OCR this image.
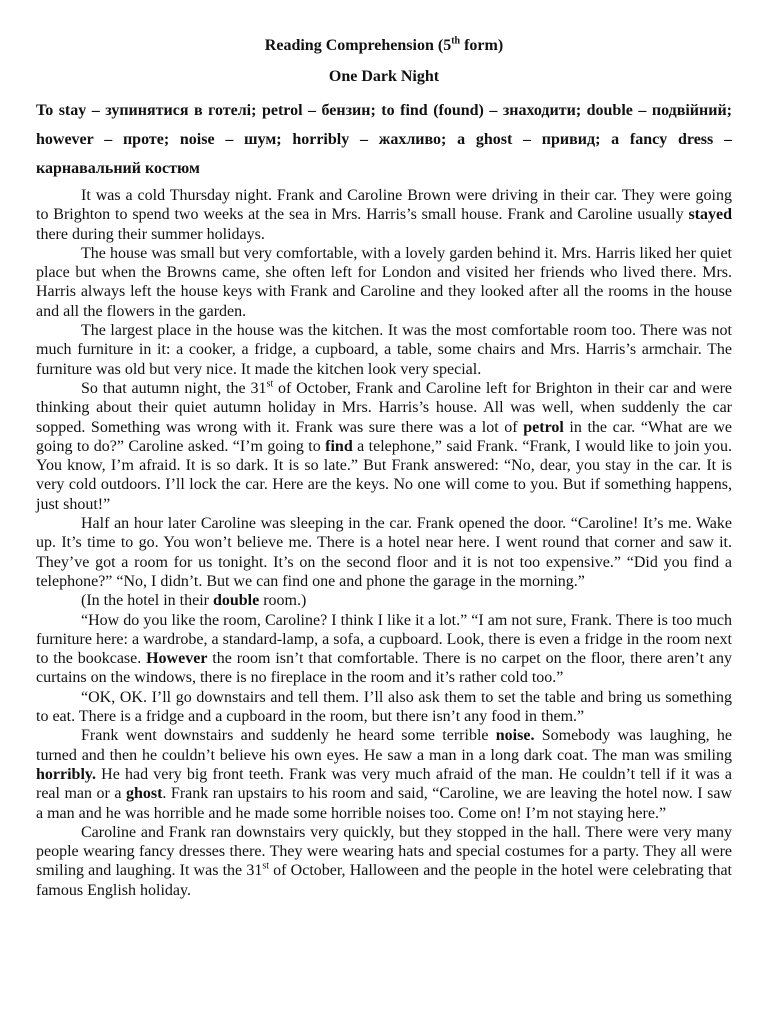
Reading Comprehension (5th form)
One Dark Night
To stay – зупинятися в готелі; petrol – бензин; to find (found) – знаходити; double – подвійний; however – проте; noise – шум; horribly – жахливо; a ghost – привид; a fancy dress – карнавальний костюм

It was a cold Thursday night. Frank and Caroline Brown were driving in their car. They were going to Brighton to spend two weeks at the sea in Mrs. Harris’s small house. Frank and Caroline usually stayed there during their summer holidays.

The house was small but very comfortable, with a lovely garden behind it. Mrs. Harris liked her quiet place but when the Browns came, she often left for London and visited her friends who lived there. Mrs. Harris always left the house keys with Frank and Caroline and they looked after all the rooms in the house and all the flowers in the garden.

The largest place in the house was the kitchen. It was the most comfortable room too. There was not much furniture in it: a cooker, a fridge, a cupboard, a table, some chairs and Mrs. Harris’s armchair. The furniture was old but very nice. It made the kitchen look very special.

So that autumn night, the 31st of October, Frank and Caroline left for Brighton in their car and were thinking about their quiet autumn holiday in Mrs. Harris’s house. All was well, when suddenly the car sopped. Something was wrong with it. Frank was sure there was a lot of petrol in the car. “What are we going to do?” Caroline asked. “I’m going to find a telephone,” said Frank. “Frank, I would like to join you. You know, I’m afraid. It is so dark. It is so late.” But Frank answered: “No, dear, you stay in the car. It is very cold outdoors. I’ll lock the car. Here are the keys. No one will come to you. But if something happens, just shout!”

Half an hour later Caroline was sleeping in the car. Frank opened the door. “Caroline! It’s me. Wake up. It’s time to go. You won’t believe me. There is a hotel near here. I went round that corner and saw it. They’ve got a room for us tonight. It’s on the second floor and it is not too expensive.” “Did you find a telephone?” “No, I didn’t. But we can find one and phone the garage in the morning.”

(In the hotel in their double room.)

“How do you like the room, Caroline? I think I like it a lot.” “I am not sure, Frank. There is too much furniture here: a wardrobe, a standard-lamp, a sofa, a cupboard. Look, there is even a fridge in the room next to the bookcase. However the room isn’t that comfortable. There is no carpet on the floor, there aren’t any curtains on the windows, there is no fireplace in the room and it’s rather cold too.”

“OK, OK. I’ll go downstairs and tell them. I’ll also ask them to set the table and bring us something to eat. There is a fridge and a cupboard in the room, but there isn’t any food in them.”

Frank went downstairs and suddenly he heard some terrible noise. Somebody was laughing, he turned and then he couldn’t believe his own eyes. He saw a man in a long dark coat. The man was smiling horribly. He had very big front teeth. Frank was very much afraid of the man. He couldn’t tell if it was a real man or a ghost. Frank ran upstairs to his room and said, “Caroline, we are leaving the hotel now. I saw a man and he was horrible and he made some horrible noises too. Come on! I’m not staying here.”

Caroline and Frank ran downstairs very quickly, but they stopped in the hall. There were very many people wearing fancy dresses there. They were wearing hats and special costumes for a party. They all were smiling and laughing. It was the 31st of October, Halloween and the people in the hotel were celebrating that famous English holiday.
